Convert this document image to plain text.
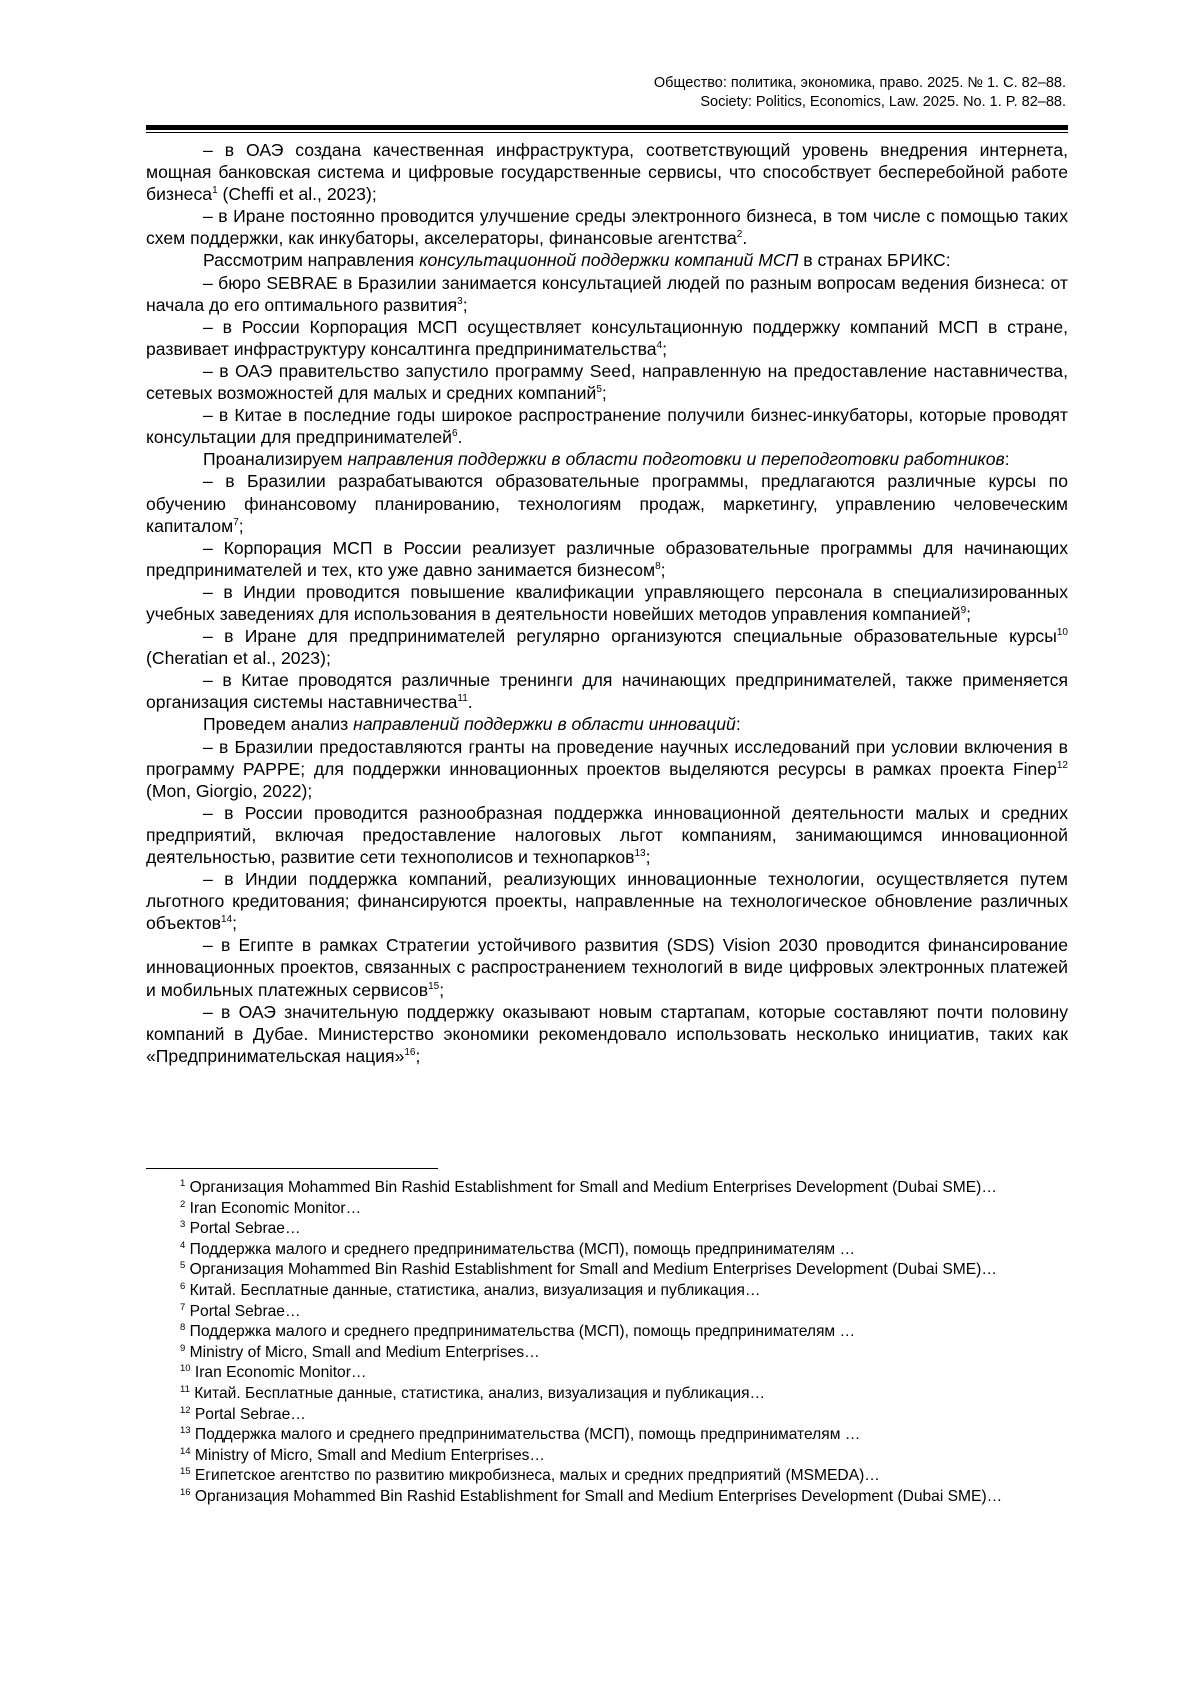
Общество: политика, экономика, право. 2025. № 1. С. 82–88.
Society: Politics, Economics, Law. 2025. No. 1. P. 82–88.

– в ОАЭ создана качественная инфраструктура, соответствующий уровень внедрения интернета, мощная банковская система и цифровые государственные сервисы, что способствует бесперебойной работе бизнеса$^1$ (Cheffi et al., 2023);

– в Иране постоянно проводится улучшение среды электронного бизнеса, в том числе с помощью таких схем поддержки, как инкубаторы, акселераторы, финансовые агентства$^2$.

Рассмотрим направления консультационной поддержки компаний МСП в странах БРИКС:

– бюро SEBRAE в Бразилии занимается консультацией людей по разным вопросам ведения бизнеса: от начала до его оптимального развития$^3$;

– в России Корпорация МСП осуществляет консультационную поддержку компаний МСП в стране, развивает инфраструктуру консалтинга предпринимательства$^4$;

– в ОАЭ правительство запустило программу Seed, направленную на предоставление наставничества, сетевых возможностей для малых и средних компаний$^5$;

– в Китае в последние годы широкое распространение получили бизнес-инкубаторы, которые проводят консультации для предпринимателей$^6$.

Проанализируем направления поддержки в области подготовки и переподготовки работников:

– в Бразилии разрабатываются образовательные программы, предлагаются различные курсы по обучению финансовому планированию, технологиям продаж, маркетингу, управлению человеческим капиталом$^7$;

– Корпорация МСП в России реализует различные образовательные программы для начинающих предпринимателей и тех, кто уже давно занимается бизнесом$^8$;

– в Индии проводится повышение квалификации управляющего персонала в специализированных учебных заведениях для использования в деятельности новейших методов управления компанией$^9$;

– в Иране для предпринимателей регулярно организуются специальные образовательные курсы$^{10}$ (Cheratian et al., 2023);

– в Китае проводятся различные тренинги для начинающих предпринимателей, также применяется организация системы наставничества$^{11}$.

Проведем анализ направлений поддержки в области инноваций:

– в Бразилии предоставляются гранты на проведение научных исследований при условии включения в программу PAPPE; для поддержки инновационных проектов выделяются ресурсы в рамках проекта Finep$^{12}$ (Mon, Giorgio, 2022);

– в России проводится разнообразная поддержка инновационной деятельности малых и средних предприятий, включая предоставление налоговых льгот компаниям, занимающимся инновационной деятельностью, развитие сети технополисов и технопарков$^{13}$;

– в Индии поддержка компаний, реализующих инновационные технологии, осуществляется путем льготного кредитования; финансируются проекты, направленные на технологическое обновление различных объектов$^{14}$;

– в Египте в рамках Стратегии устойчивого развития (SDS) Vision 2030 проводится финансирование инновационных проектов, связанных с распространением технологий в виде цифровых электронных платежей и мобильных платежных сервисов$^{15}$;

– в ОАЭ значительную поддержку оказывают новым стартапам, которые составляют почти половину компаний в Дубае. Министерство экономики рекомендовало использовать несколько инициатив, таких как «Предпринимательская нация»$^{16}$;

$^1$ Организация Mohammed Bin Rashid Establishment for Small and Medium Enterprises Development (Dubai SME)…

$^2$ Iran Economic Monitor…

$^3$ Portal Sebrae…

$^4$ Поддержка малого и среднего предпринимательства (МСП), помощь предпринимателям …

$^5$ Организация Mohammed Bin Rashid Establishment for Small and Medium Enterprises Development (Dubai SME)…

$^6$ Китай. Бесплатные данные, статистика, анализ, визуализация и публикация…

$^7$ Portal Sebrae…

$^8$ Поддержка малого и среднего предпринимательства (МСП), помощь предпринимателям …

$^9$ Ministry of Micro, Small and Medium Enterprises…

$^{10}$ Iran Economic Monitor…

$^{11}$ Китай. Бесплатные данные, статистика, анализ, визуализация и публикация…

$^{12}$ Portal Sebrae…

$^{13}$ Поддержка малого и среднего предпринимательства (МСП), помощь предпринимателям …

$^{14}$ Ministry of Micro, Small and Medium Enterprises…

$^{15}$ Египетское агентство по развитию микробизнеса, малых и средних предприятий (MSMEDA)…

$^{16}$ Организация Mohammed Bin Rashid Establishment for Small and Medium Enterprises Development (Dubai SME)…
